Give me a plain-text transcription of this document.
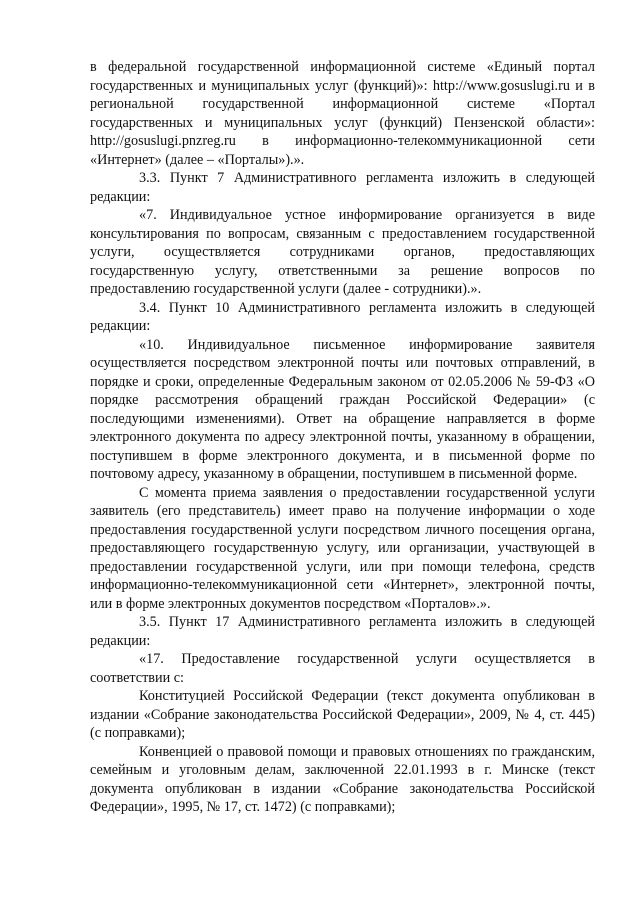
в федеральной государственной информационной системе «Единый портал государственных и муниципальных услуг (функций)»: http://www.gosuslugi.ru и в региональной государственной информационной системе «Портал государственных и муниципальных услуг (функций) Пензенской области»: http://gosuslugi.pnzreg.ru в информационно-телекоммуникационной сети «Интернет» (далее – «Порталы»).».

3.3. Пункт 7 Административного регламента изложить в следующей редакции:

«7. Индивидуальное устное информирование организуется в виде консультирования по вопросам, связанным с предоставлением государственной услуги, осуществляется сотрудниками органов, предоставляющих государственную услугу, ответственными за решение вопросов по предоставлению государственной услуги (далее - сотрудники).».

3.4. Пункт 10 Административного регламента изложить в следующей редакции:

«10. Индивидуальное письменное информирование заявителя осуществляется посредством электронной почты или почтовых отправлений, в порядке и сроки, определенные Федеральным законом от 02.05.2006 № 59-ФЗ «О порядке рассмотрения обращений граждан Российской Федерации» (с последующими изменениями). Ответ на обращение направляется в форме электронного документа по адресу электронной почты, указанному в обращении, поступившем в форме электронного документа, и в письменной форме по почтовому адресу, указанному в обращении, поступившем в письменной форме.

С момента приема заявления о предоставлении государственной услуги заявитель (его представитель) имеет право на получение информации о ходе предоставления государственной услуги посредством личного посещения органа, предоставляющего государственную услугу, или организации, участвующей в предоставлении государственной услуги, или при помощи телефона, средств информационно-телекоммуникационной сети «Интернет», электронной почты, или в форме электронных документов посредством «Порталов».».

3.5. Пункт 17 Административного регламента изложить в следующей редакции:

«17. Предоставление государственной услуги осуществляется в соответствии с:

Конституцией Российской Федерации (текст документа опубликован в издании «Собрание законодательства Российской Федерации», 2009, № 4, ст. 445) (с поправками);

Конвенцией о правовой помощи и правовых отношениях по гражданским, семейным и уголовным делам, заключенной 22.01.1993 в г. Минске (текст документа опубликован в издании «Собрание законодательства Российской Федерации», 1995, № 17, ст. 1472) (с поправками);
